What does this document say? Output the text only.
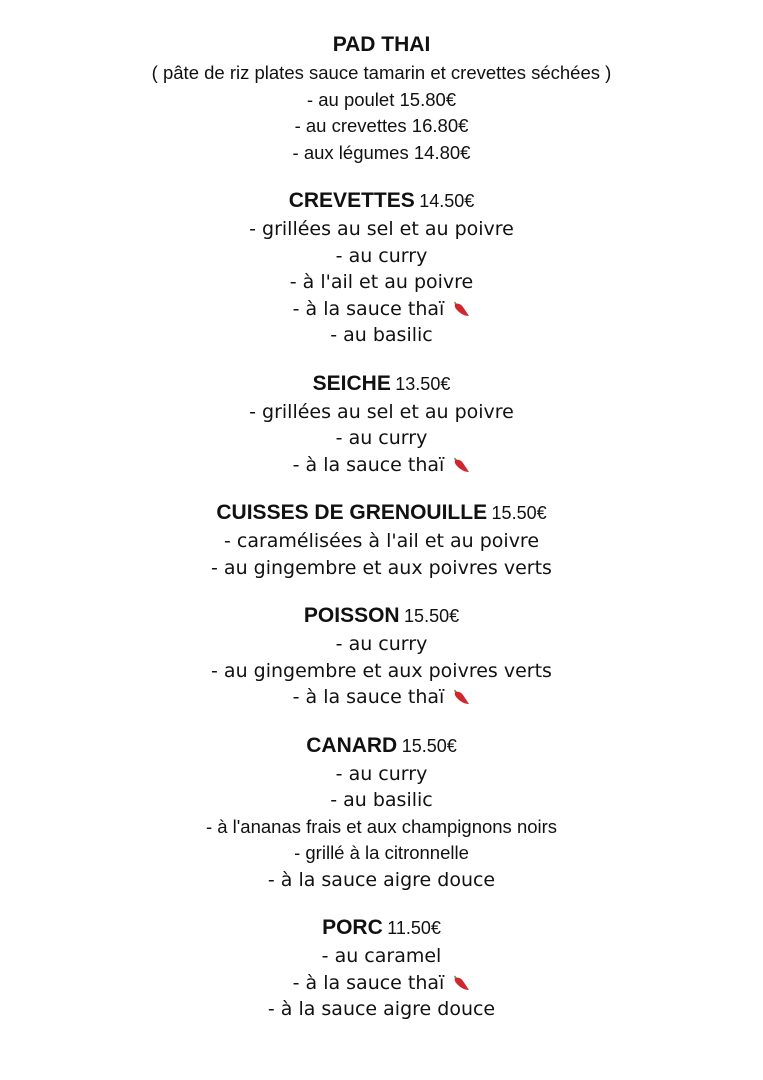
PAD THAI
( pâte de riz plates sauce tamarin et crevettes séchées )
- au poulet 15.80€
- au crevettes 16.80€
- aux légumes 14.80€
CREVETTES 14.50€
- grillées au sel et au poivre
- au curry
- à l'ail et au poivre
- à la sauce thaï
- au basilic
SEICHE 13.50€
- grillées au sel et au poivre
- au curry
- à la sauce thaï
CUISSES DE GRENOUILLE 15.50€
- caramélisées à l'ail et au poivre
- au gingembre et aux poivres verts
POISSON 15.50€
- au curry
- au gingembre et aux poivres verts
- à la sauce thaï
CANARD 15.50€
- au curry
- au basilic
- à l'ananas frais et aux champignons noirs
- grillé à la citronnelle
- à la sauce aigre douce
PORC 11.50€
- au caramel
- à la sauce thaï
- à la sauce aigre douce
